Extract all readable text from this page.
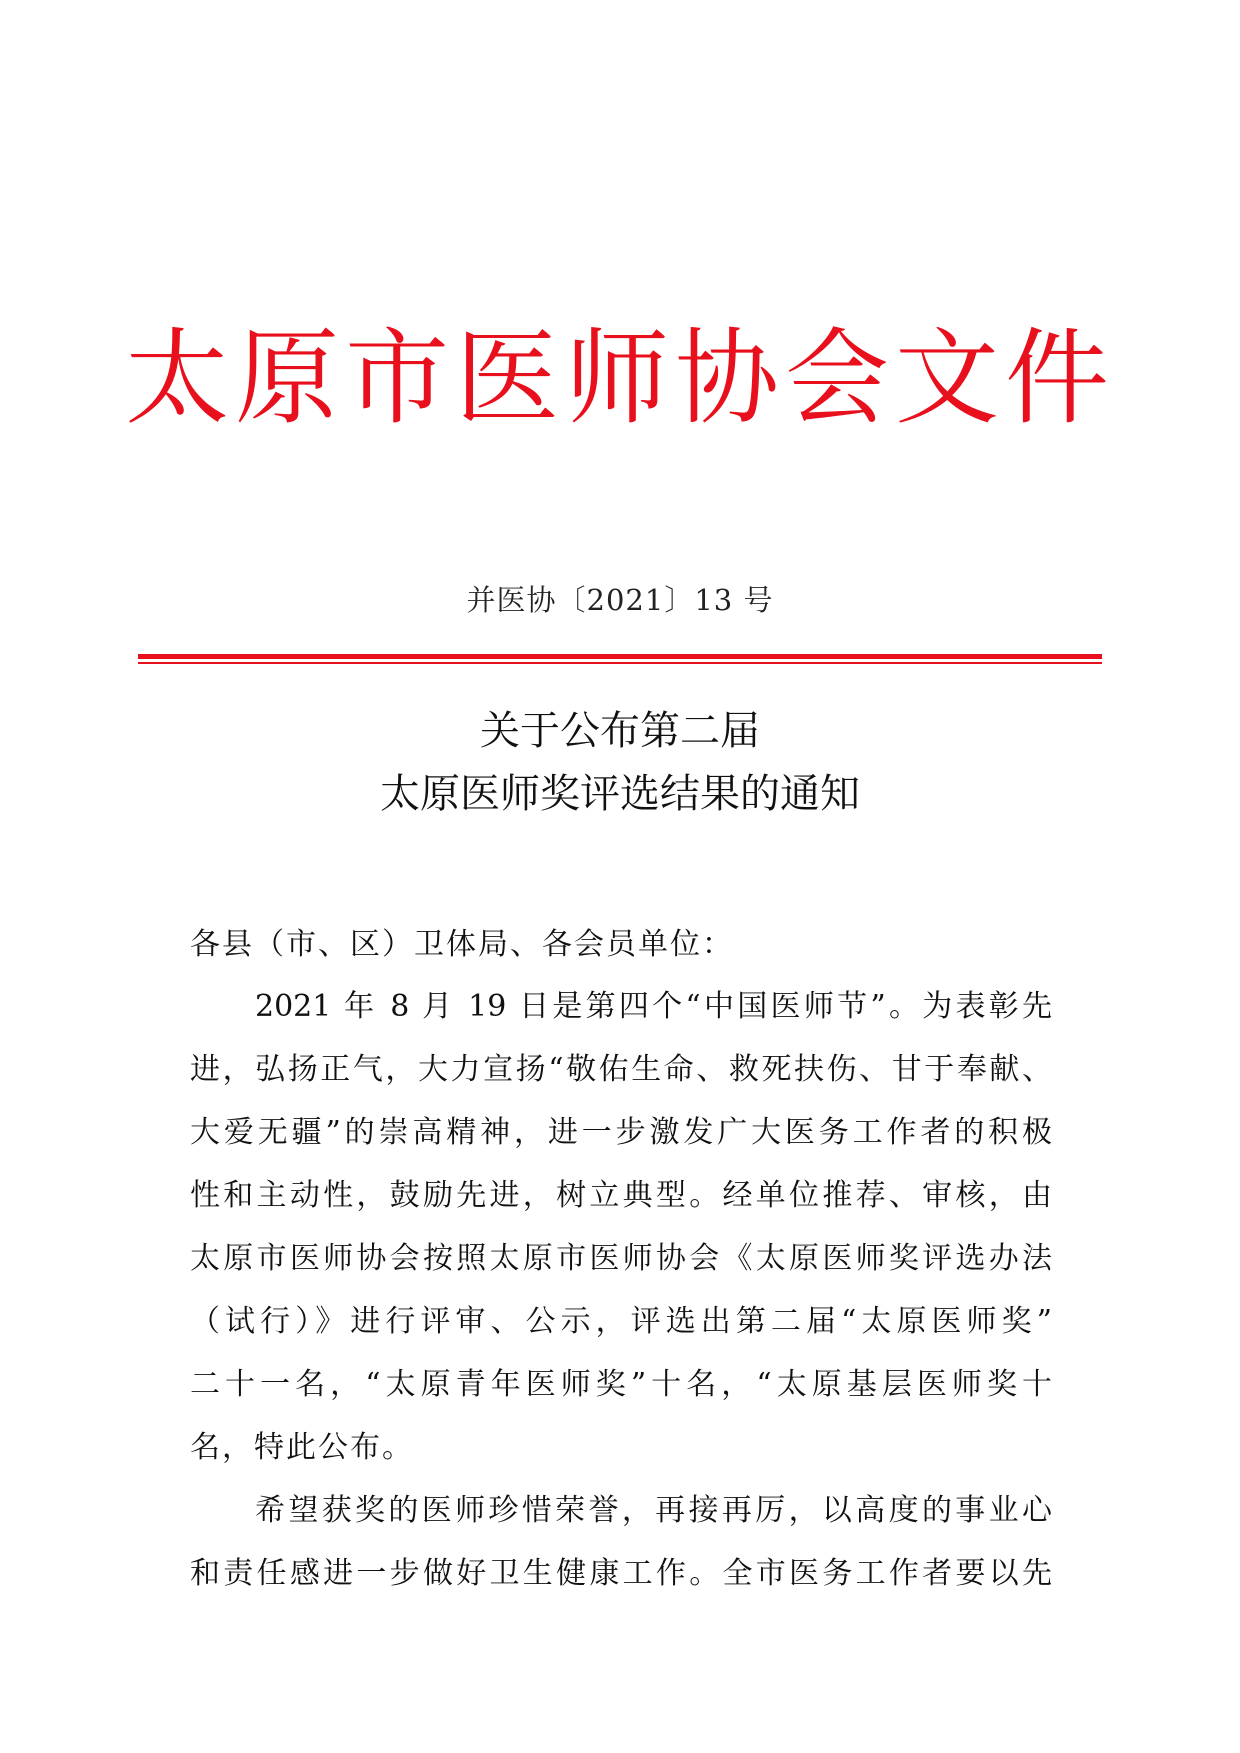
太原市医师协会文件
并医协〔2021〕13 号
关于公布第二届
太原医师奖评选结果的通知
各县（市、区）卫体局、各会员单位：
2021 年 8 月 19 日是第四个“中国医师节”。为表彰先
进，弘扬正气，大力宣扬“敬佑生命、救死扶伤、甘于奉献、
大爱无疆”的崇高精神，进一步激发广大医务工作者的积极
性和主动性，鼓励先进，树立典型。经单位推荐、审核，由
太原市医师协会按照太原市医师协会《太原医师奖评选办法
（试行）》进行评审、公示，评选出第二届“太原医师奖”
二十一名，“太原青年医师奖”十名，“太原基层医师奖十
名，特此公布。
希望获奖的医师珍惜荣誉，再接再厉，以高度的事业心
和责任感进一步做好卫生健康工作。全市医务工作者要以先
